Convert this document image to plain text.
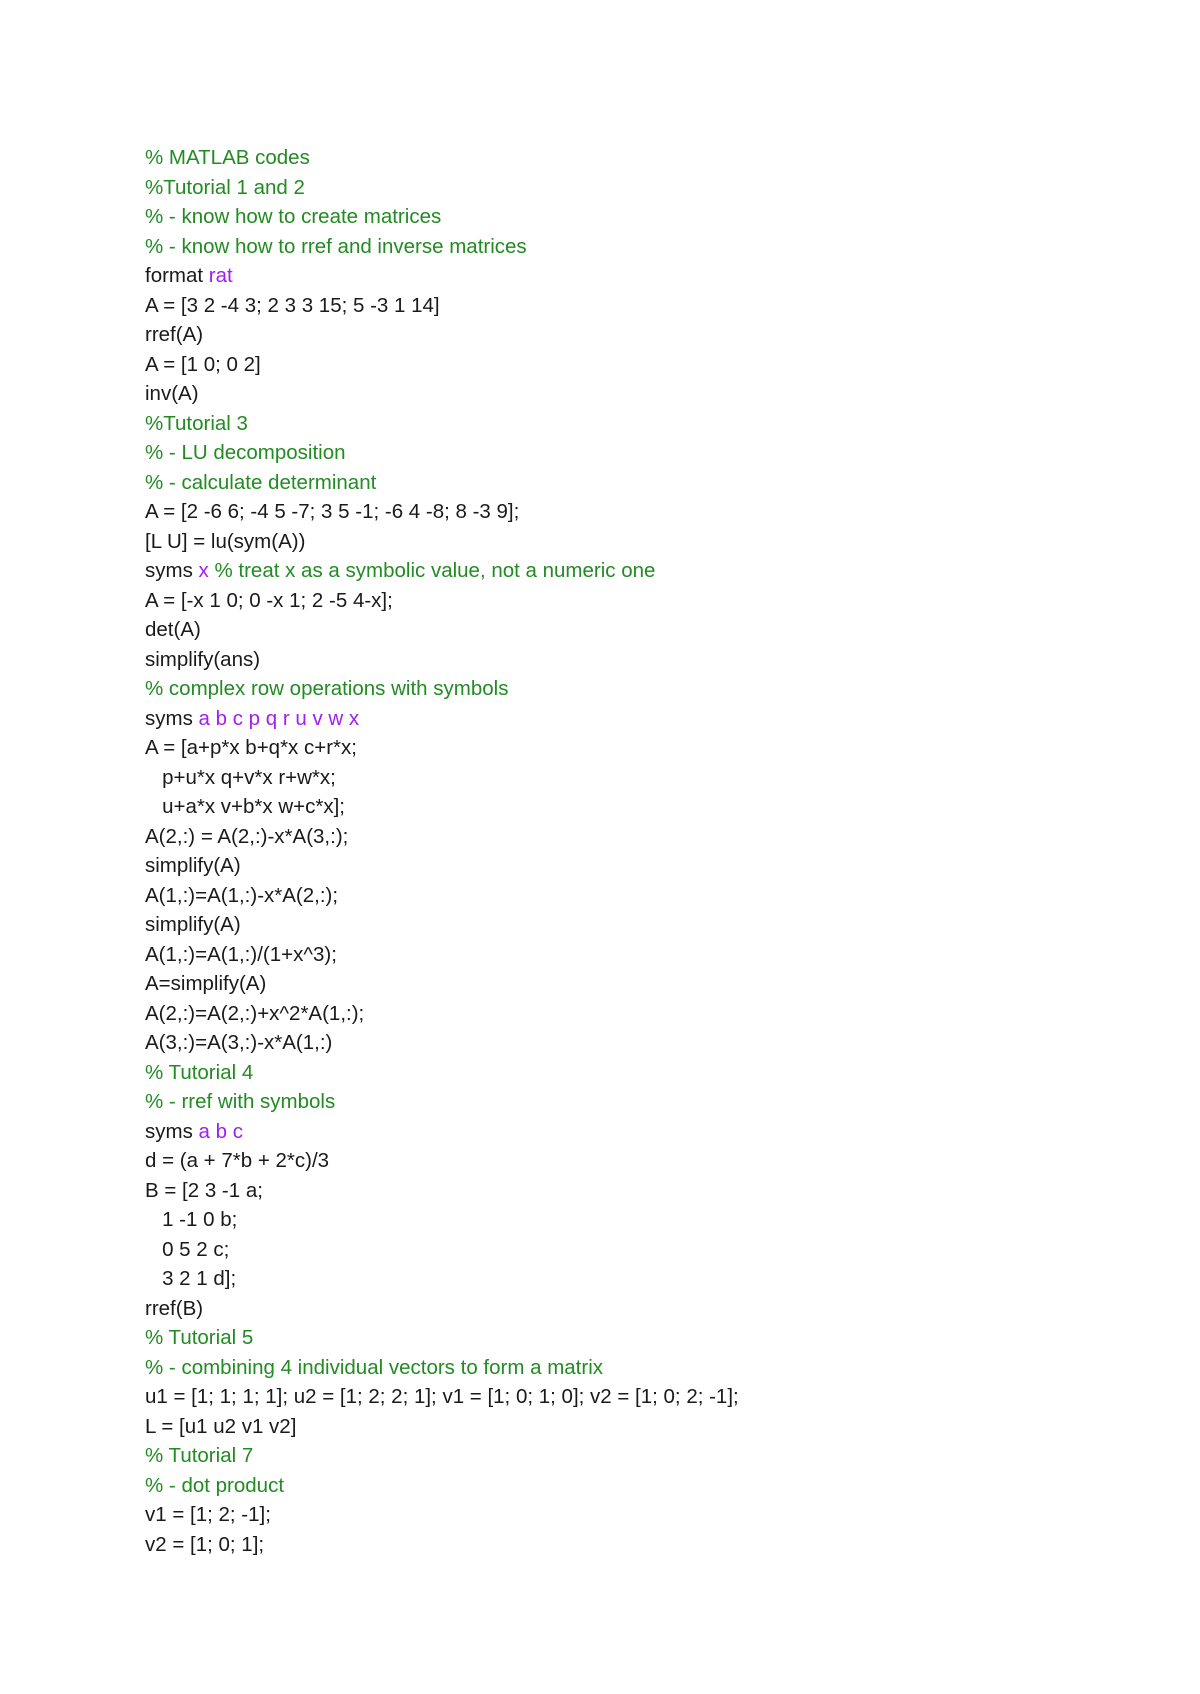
% MATLAB codes
%Tutorial 1 and 2
% - know how to create matrices
% - know how to rref and inverse matrices
format rat
A = [3 2 -4 3; 2 3 3 15; 5 -3 1 14]
rref(A)
A = [1 0; 0 2]
inv(A)
%Tutorial 3
% - LU decomposition
% - calculate determinant
A = [2 -6 6; -4 5 -7; 3 5 -1; -6 4 -8; 8 -3 9];
[L U] = lu(sym(A))
syms x % treat x as a symbolic value, not a numeric one
A = [-x 1 0; 0 -x 1; 2 -5 4-x];
det(A)
simplify(ans)
% complex row operations with symbols
syms a b c p q r u v w x
A = [a+p*x b+q*x c+r*x;
p+u*x q+v*x r+w*x;
u+a*x v+b*x w+c*x];
A(2,:) = A(2,:)-x*A(3,:);
simplify(A)
A(1,:)=A(1,:)-x*A(2,:);
simplify(A)
A(1,:)=A(1,:)/(1+x^3);
A=simplify(A)
A(2,:)=A(2,:)+x^2*A(1,:);
A(3,:)=A(3,:)-x*A(1,:)
% Tutorial 4
% - rref with symbols
syms a b c
d = (a + 7*b + 2*c)/3
B = [2 3 -1 a;
1 -1 0 b;
0 5 2 c;
3 2 1 d];
rref(B)
% Tutorial 5
% - combining 4 individual vectors to form a matrix
u1 = [1; 1; 1; 1]; u2 = [1; 2; 2; 1]; v1 = [1; 0; 1; 0]; v2 = [1; 0; 2; -1];
L = [u1 u2 v1 v2]
% Tutorial 7
% - dot product
v1 = [1; 2; -1];
v2 = [1; 0; 1];
